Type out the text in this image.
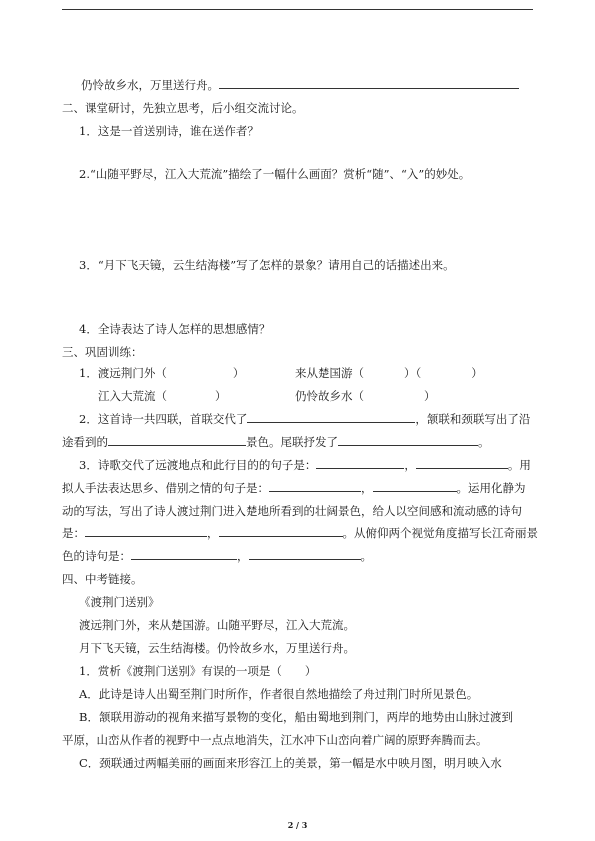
仍怜故乡水，万里送行舟。
二、课堂研讨，先独立思考，后小组交流讨论。
1．这是一首送别诗，谁在送作者？
2.“山随平野尽，江入大荒流”描绘了一幅什么画面？赏析“随”、“入”的妙处。
3．“月下飞天镜，云生结海楼”写了怎样的景象？请用自己的话描述出来。
4．全诗表达了诗人怎样的思想感情？
三、巩固训练：
1．渡远荆门外（	）	来从楚国游（	）（	）
江入大荒流（	）	仍怜故乡水（	）
2．这首诗一共四联，首联交代了	，颔联和颈联写出了沿
途看到的	景色。尾联抒发了	。
3．诗歌交代了远渡地点和此行目的的句子是：	，	。用
拟人手法表达思乡、借别之情的句子是：	，	。运用化静为
动的写法，写出了诗人渡过荆门进入楚地所看到的壮阔景色，给人以空间感和流动感的诗句
是：	，	。从俯仰两个视觉角度描写长江奇丽景
色的诗句是：	，	。
四、中考链接。
《渡荆门送别》
渡远荆门外，来从楚国游。山随平野尽，江入大荒流。
月下飞天镜，云生结海楼。仍怜故乡水，万里送行舟。
1．赏析《渡荆门送别》有误的一项是（　　）
A．此诗是诗人出蜀至荆门时所作，作者很自然地描绘了舟过荆门时所见景色。
B．颔联用游动的视角来描写景物的变化，船由蜀地到荆门，两岸的地势由山脉过渡到
平原，山峦从作者的视野中一点点地消失，江水冲下山峦向着广阔的原野奔腾而去。
C．颈联通过两幅美丽的画面来形容江上的美景，第一幅是水中映月图，明月映入水
2 / 3
